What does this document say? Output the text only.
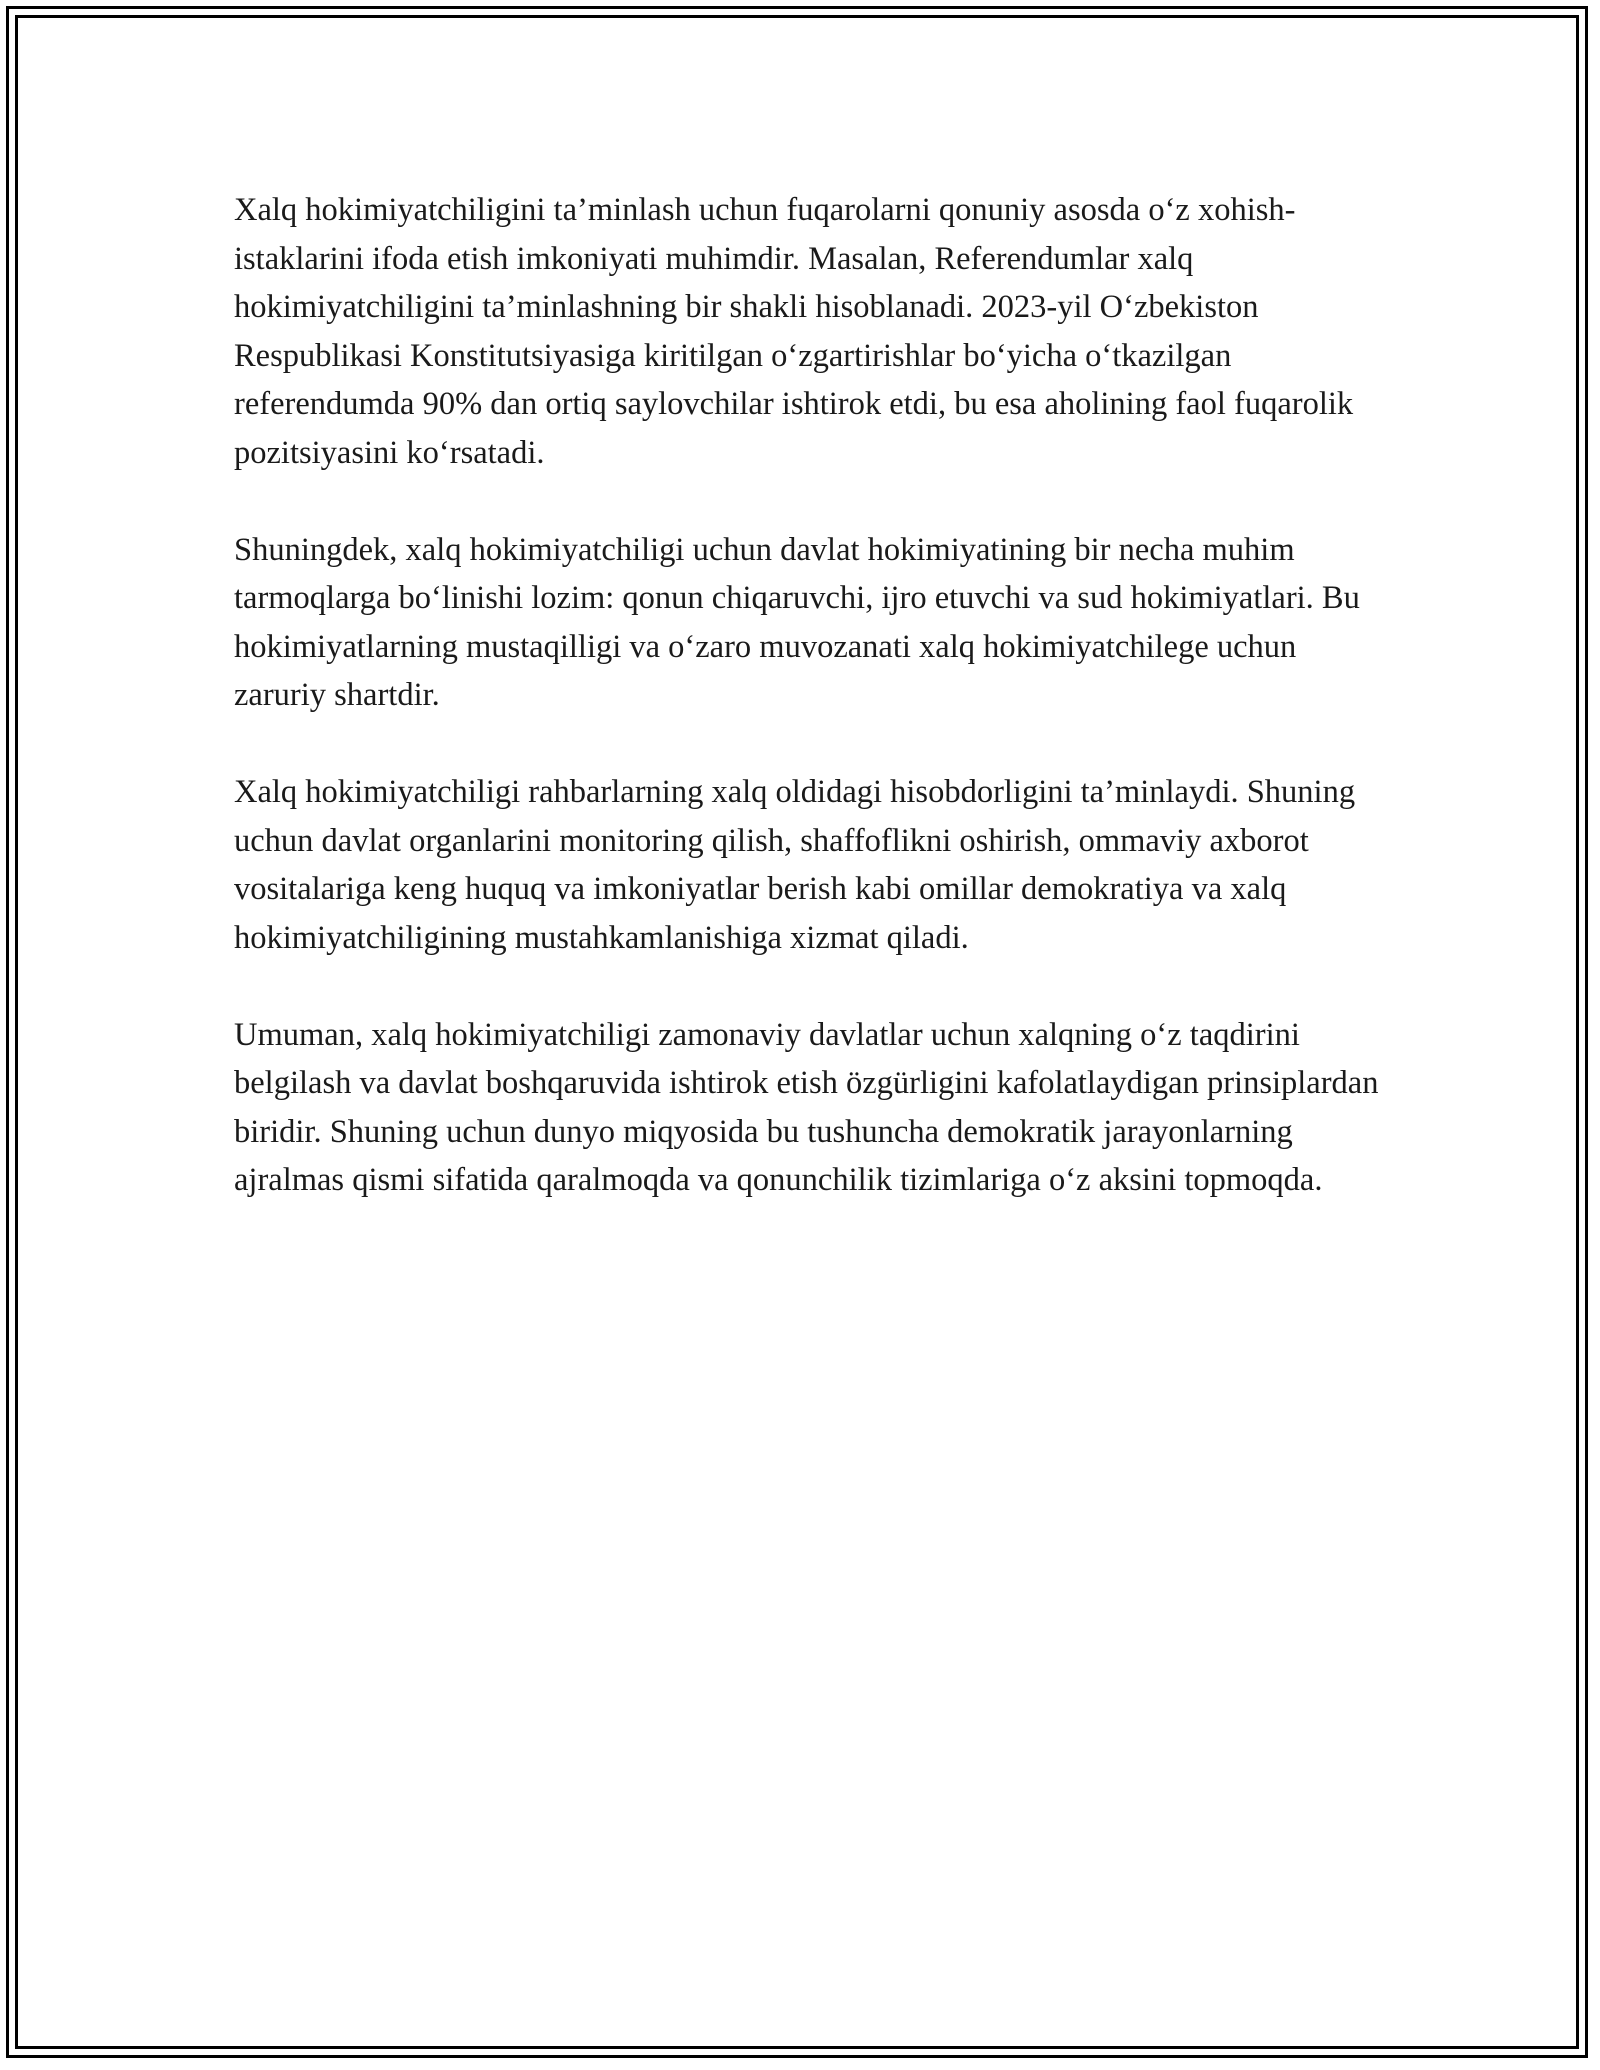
Xalq hokimiyatchiligini ta’minlash uchun fuqarolarni qonuniy asosda o‘z xohish-istaklarini ifoda etish imkoniyati muhimdir. Masalan, Referendumlar xalq hokimiyatchiligini ta’minlashning bir shakli hisoblanadi. 2023-yil O‘zbekiston Respublikasi Konstitutsiyasiga kiritilgan o‘zgartirishlar bo‘yicha o‘tkazilgan referendumda 90% dan ortiq saylovchilar ishtirok etdi, bu esa aholining faol fuqarolik pozitsiyasini ko‘rsatadi.

Shuningdek, xalq hokimiyatchiligi uchun davlat hokimiyatining bir necha muhim tarmoqlarga bo‘linishi lozim: qonun chiqaruvchi, ijro etuvchi va sud hokimiyatlari. Bu hokimiyatlarning mustaqilligi va o‘zaro muvozanati xalq hokimiyatchilege uchun zaruriy shartdir.

Xalq hokimiyatchiligi rahbarlarning xalq oldidagi hisobdorligini ta’minlaydi. Shuning uchun davlat organlarini monitoring qilish, shaffoflikni oshirish, ommaviy axborot vositalariga keng huquq va imkoniyatlar berish kabi omillar demokratiya va xalq hokimiyatchiligining mustahkamlanishiga xizmat qiladi.

Umuman, xalq hokimiyatchiligi zamonaviy davlatlar uchun xalqning o‘z taqdirini belgilash va davlat boshqaruvida ishtirok etish özgürligini kafolatlaydigan prinsiplardan biridir. Shuning uchun dunyo miqyosida bu tushuncha demokratik jarayonlarning ajralmas qismi sifatida qaralmoqda va qonunchilik tizimlariga o‘z aksini topmoqda.
